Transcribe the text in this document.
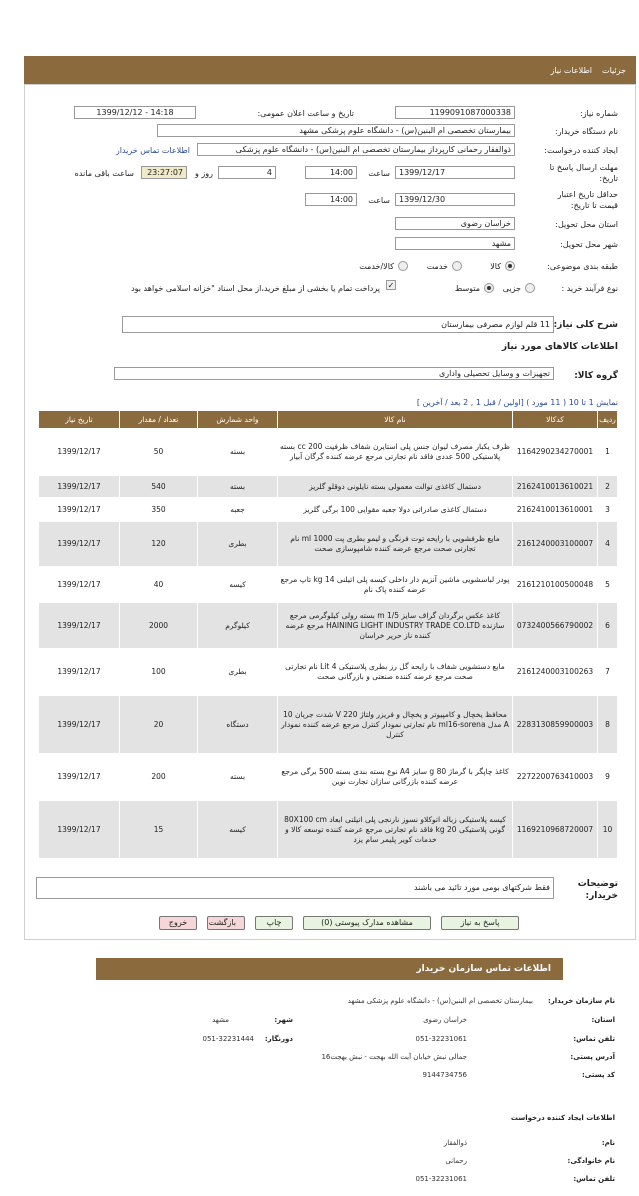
جزئیات
اطلاعات نیاز
شماره نیاز:
1199091087000338
تاریخ و ساعت اعلان عمومی:
1399/12/12 - 14:18
نام دستگاه خریدار:
بیمارستان تخصصی ام البنین(س) - دانشگاه علوم پزشکی مشهد
ایجاد کننده درخواست:
ذوالفقار رحمانی کارپرداز بیمارستان تخصصی ام البنین(س) - دانشگاه علوم پزشکی
اطلاعات تماس خریدار
مهلت ارسال پاسخ تا تاریخ:
1399/12/17
ساعت
14:00
4
روز و
23:27:07
ساعت باقی مانده
حداقل تاریخ اعتبار قیمت تا تاریخ:
1399/12/30
ساعت
14:00
استان محل تحویل:
خراسان رضوی
شهر محل تحویل:
مشهد
طبقه بندی موضوعی:
کالا
خدمت
کالا/خدمت
نوع فرآیند خرید :
جزیی
متوسط
✓
پرداخت تمام یا بخشی از مبلغ خرید،از محل اسناد "خزانه اسلامی خواهد بود
شرح کلی نیاز:
11 قلم لوازم مصرفی بیمارستان
اطلاعات کالاهای مورد نیاز
گروه کالا:
تجهیزات و وسایل تحصیلی واداری
نمایش 1 تا 10 ( 11 مورد ) [اولین / قبل 1 , 2 بعد / آخرین ]
ردیف	کدکالا	نام کالا	واحد شمارش	تعداد / مقدار	تاریخ نیاز
1	1164290234270001	ظرف یکبار مصرف لیوان جنس پلی استایرن شفاف ظرفیت 200 cc بسته پلاستیکی 500 عددی فاقد نام تجارتی مرجع عرضه کننده گرگان آبیار	بسته	50	1399/12/17
2	2162410013610021	دستمال کاغذی توالت معمولی بسته نایلونی دوقلو گلریز	بسته	540	1399/12/17
3	2162410013610001	دستمال کاغذی صادراتی دولا جعبه مقوایی 100 برگی گلریز	جعبه	350	1399/12/17
4	2161240003100007	مایع ظرفشویی با رایحه توت فرنگی و لیمو بطری پت 1000 ml نام تجارتی صحت مرجع عرضه کننده شامپوسازی صحت	بطری	120	1399/12/17
5	2161210100500048	پودر لباسشویی ماشین آنزیم دار داخلی کیسه پلی اتیلنی 14 kg تاپ مرجع عرضه کننده پاک نام	کیسه	40	1399/12/17
6	0732400566790002	کاغذ عکس برگردان گراف سایز 1/5 m بسته رولی کیلوگرمی مرجع سازنده HAINING LIGHT INDUSTRY TRADE CO.LTD مرجع عرضه کننده ناز حریر خراسان	کیلوگرم	2000	1399/12/17
7	2161240003100263	مایع دستشویی شفاف با رایحه گل رز بطری پلاستیکی 4 Lit نام تجارتی صحت مرجع عرضه کننده صنعتی و بازرگانی صحت	بطری	100	1399/12/17
8	2283130859900003	محافظ یخچال و کامپیوتر و یخچال و فریزر ولتاژ 220 V شدت جریان 10 A مدل ml16-sorena نام تجارتی نمودار کنترل مرجع عرضه کننده نمودار کنترل	دستگاه	20	1399/12/17
9	2272200763410003	کاغذ چاپگر با گرماژ 80 g سایز A4 نوع بسته بندی بسته 500 برگی مرجع عرضه کننده بازرگانی سازان تجارت نوین	بسته	200	1399/12/17
10	1169210968720007	کیسه پلاستیکی زباله اتوکلاو نسوز نارنجی پلی اتیلنی ابعاد 80X100 cm گونی پلاستیکی 20 kg فاقد نام تجارتی مرجع عرضه کننده توسعه کالا و خدمات کویر پلیمر سام یزد	کیسه	15	1399/12/17
توضیحات خریدار:
فقط شرکتهای بومی مورد تائید می باشند
پاسخ به نیاز
مشاهده مدارک پیوستی (0)
چاپ
بازگشت
خروج
اطلاعات تماس سازمان خریدار
نام سازمان خریدار:
بیمارستان تخصصی ام البنین(س) - دانشگاه علوم پزشکی مشهد
استان:
خراسان رضوی
شهر:
مشهد
تلفن تماس:
051-32231061
دورنگار:
051-32231444
آدرس پستی:
جمالی نبش خیابان آیت الله بهجت - نبش بهجت16
کد پستی:
9144734756
اطلاعات ایجاد کننده درخواست
نام:
ذوالفقار
نام خانوادگی:
رحمانی
تلفن تماس:
051-32231061
